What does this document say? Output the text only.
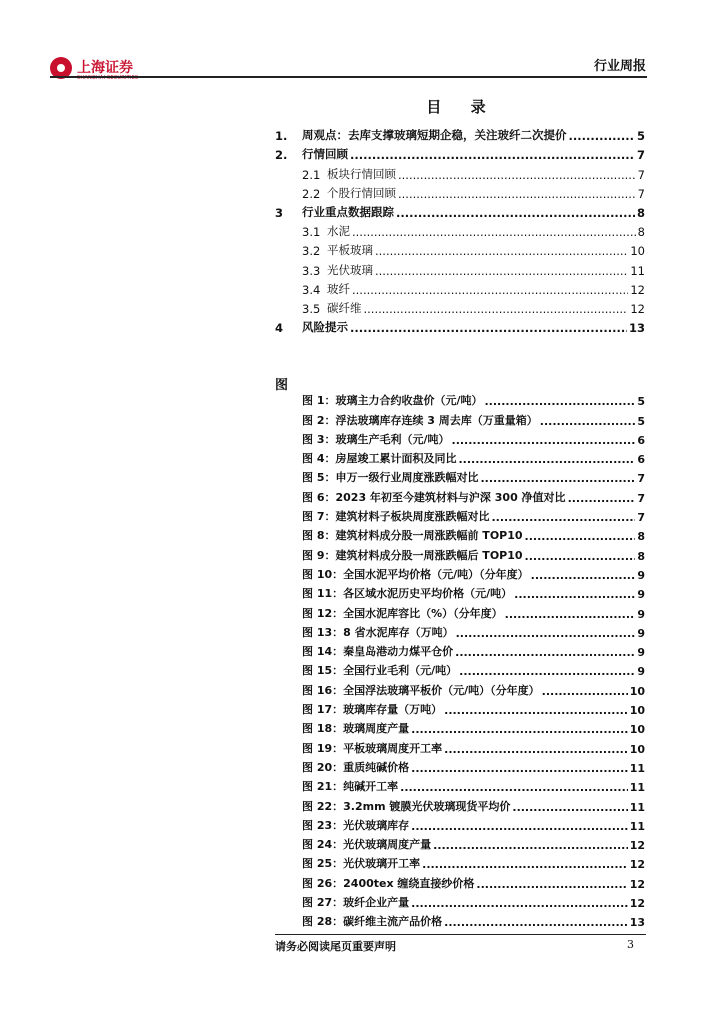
上海证券
SHANGHAI SECURITIES
行业周报
目 录
1.	周观点：去库支撑玻璃短期企稳，关注玻纤二次提价 .....	5
2.	行情回顾 .....	7
2.1 板块行情回顾 .....	7
2.2 个股行情回顾 .....	7
3	行业重点数据跟踪 .....	8
3.1 水泥 .....	8
3.2 平板玻璃 .....	10
3.3 光伏玻璃 .....	11
3.4 玻纤 .....	12
3.5 碳纤维 .....	12
4	风险提示 .....	13
图
图 1：玻璃主力合约收盘价（元/吨） .....	5
图 2：浮法玻璃库存连续 3 周去库（万重量箱） .....	5
图 3：玻璃生产毛利（元/吨） .....	6
图 4：房屋竣工累计面积及同比 .....	6
图 5：申万一级行业周度涨跌幅对比 .....	7
图 6：2023 年初至今建筑材料与沪深 300 净值对比 .....	7
图 7：建筑材料子板块周度涨跌幅对比 .....	7
图 8：建筑材料成分股一周涨跌幅前 TOP10 .....	8
图 9：建筑材料成分股一周涨跌幅后 TOP10 .....	8
图 10：全国水泥平均价格（元/吨）（分年度） .....	9
图 11：各区域水泥历史平均价格（元/吨） .....	9
图 12：全国水泥库容比（%）（分年度） .....	9
图 13：8 省水泥库存（万吨） .....	9
图 14：秦皇岛港动力煤平仓价 .....	9
图 15：全国行业毛利（元/吨） .....	9
图 16：全国浮法玻璃平板价（元/吨）（分年度） .....	10
图 17：玻璃库存量（万吨） .....	10
图 18：玻璃周度产量 .....	10
图 19：平板玻璃周度开工率 .....	10
图 20：重质纯碱价格 .....	11
图 21：纯碱开工率 .....	11
图 22：3.2mm 镀膜光伏玻璃现货平均价 .....	11
图 23：光伏玻璃库存 .....	11
图 24：光伏玻璃周度产量 .....	12
图 25：光伏玻璃开工率 .....	12
图 26：2400tex 缠绕直接纱价格 .....	12
图 27：玻纤企业产量 .....	12
图 28：碳纤维主流产品价格 .....	13
请务必阅读尾页重要声明	3
